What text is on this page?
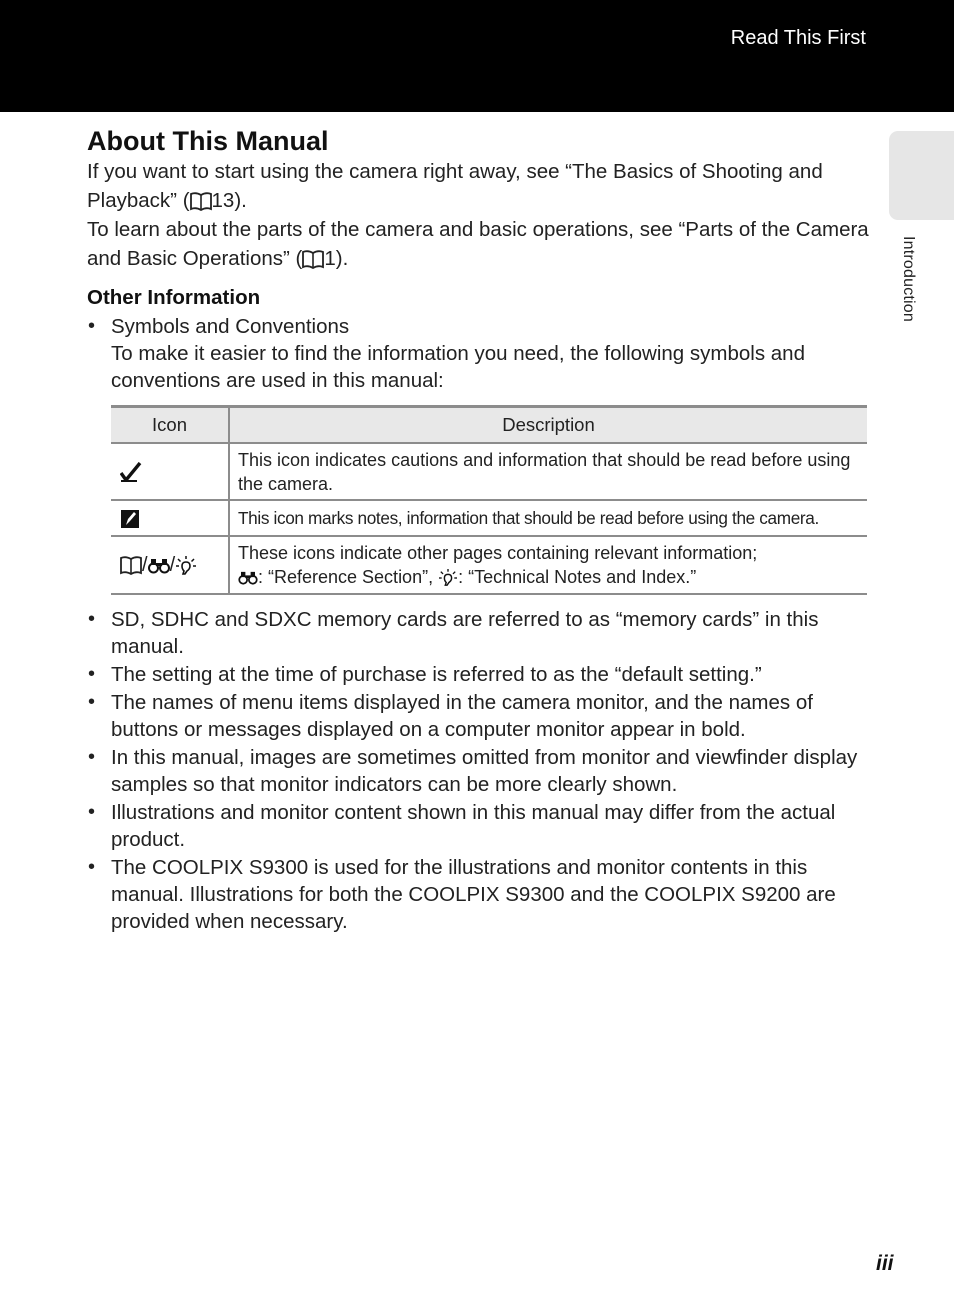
Read This First
Introduction
About This Manual

If you want to start using the camera right away, see “The Basics of Shooting and Playback” ( 13).

To learn about the parts of the camera and basic operations, see “Parts of the Camera and Basic Operations” ( 1).

Other Information
• Symbols and Conventions
To make it easier to find the information you need, the following symbols and conventions are used in this manual:
Icon	Description
	This icon indicates cautions and information that should be read before using the camera.
	This icon marks notes, information that should be read before using the camera.
/ /	These icons indicate other pages containing relevant information;
: “Reference Section”, : “Technical Notes and Index.”
• SD, SDHC and SDXC memory cards are referred to as “memory cards” in this manual.
• The setting at the time of purchase is referred to as the “default setting.”
• The names of menu items displayed in the camera monitor, and the names of buttons or messages displayed on a computer monitor appear in bold.
• In this manual, images are sometimes omitted from monitor and viewfinder display samples so that monitor indicators can be more clearly shown.
• Illustrations and monitor content shown in this manual may differ from the actual product.
• The COOLPIX S9300 is used for the illustrations and monitor contents in this manual. Illustrations for both the COOLPIX S9300 and the COOLPIX S9200 are provided when necessary.
iii
